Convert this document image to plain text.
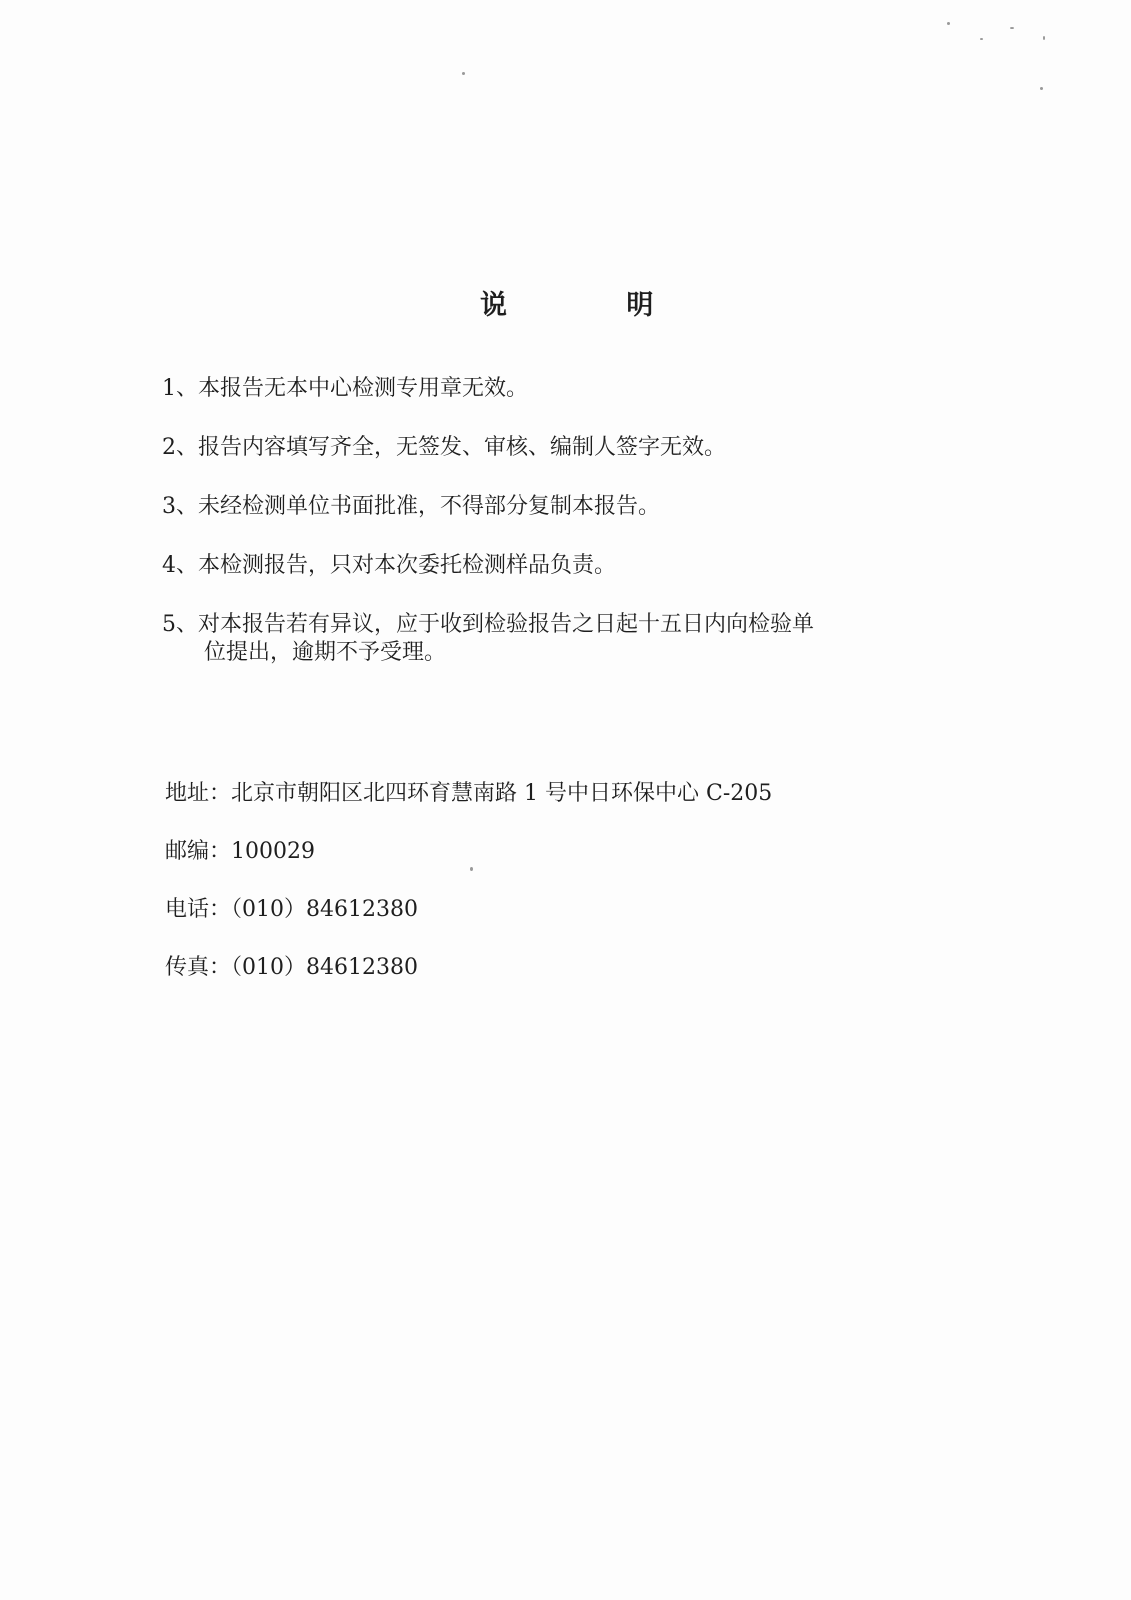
说 明
1、本报告无本中心检测专用章无效。
2、报告内容填写齐全，无签发、审核、编制人签字无效。
3、未经检测单位书面批准，不得部分复制本报告。
4、本检测报告，只对本次委托检测样品负责。
5、对本报告若有异议，应于收到检验报告之日起十五日内向检验单
位提出，逾期不予受理。
地址：北京市朝阳区北四环育慧南路 1 号中日环保中心 C-205
邮编：100029
电话：（010）84612380
传真：（010）84612380
